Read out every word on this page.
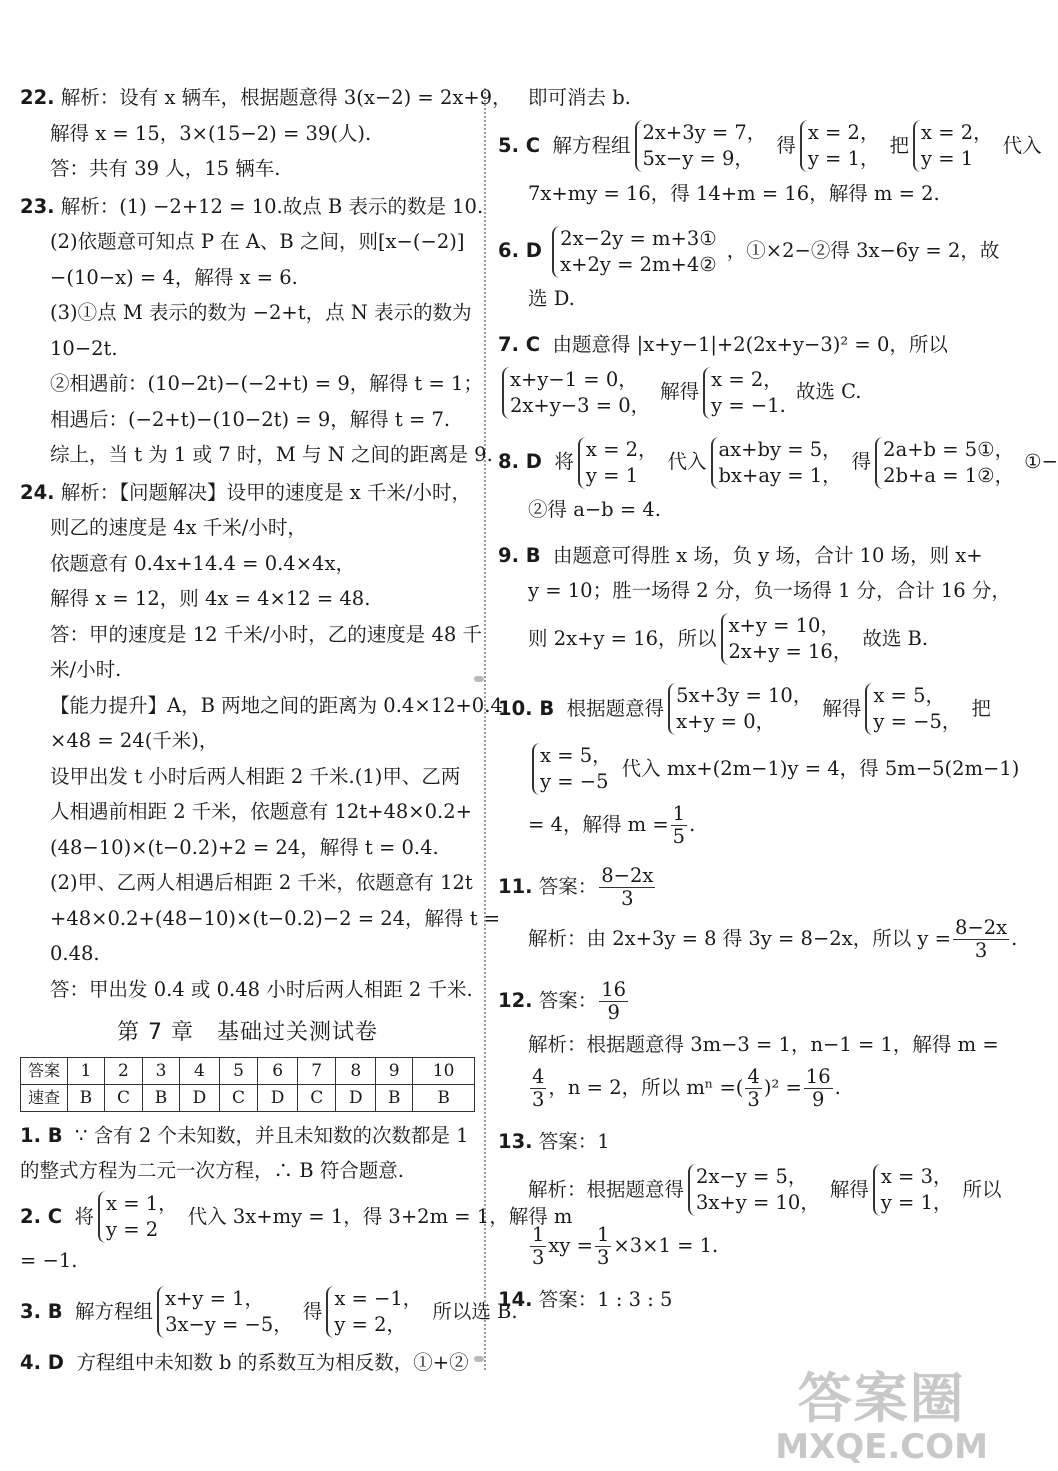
22. 解析：设有 x 辆车，根据题意得 3(x−2) = 2x+9，

解得 x = 15，3×(15−2) = 39(人).

答：共有 39 人，15 辆车.

23. 解析：(1) −2+12 = 10.故点 B 表示的数是 10.

(2)依题意可知点 P 在 A、B 之间，则[x−(−2)]

−(10−x) = 4，解得 x = 6.

(3)①点 M 表示的数为 −2+t，点 N 表示的数为

10−2t.

②相遇前：(10−2t)−(−2+t) = 9，解得 t = 1；

相遇后：(−2+t)−(10−2t) = 9，解得 t = 7.

综上，当 t 为 1 或 7 时，M 与 N 之间的距离是 9.

24. 解析：【问题解决】设甲的速度是 x 千米/小时，

则乙的速度是 4x 千米/小时，

依题意有 0.4x+14.4 = 0.4×4x，

解得 x = 12，则 4x = 4×12 = 48.

答：甲的速度是 12 千米/小时，乙的速度是 48 千

米/小时.

【能力提升】A，B 两地之间的距离为 0.4×12+0.4

×48 = 24(千米)，

设甲出发 t 小时后两人相距 2 千米.(1)甲、乙两

人相遇前相距 2 千米，依题意有 12t+48×0.2+

(48−10)×(t−0.2)+2 = 24，解得 t = 0.4.

(2)甲、乙两人相遇后相距 2 千米，依题意有 12t

+48×0.2+(48−10)×(t−0.2)−2 = 24，解得 t =

0.48.

答：甲出发 0.4 或 0.48 小时后两人相距 2 千米.

第 7 章　基础过关测试卷
答案	1	2	3	4	5	6	7	8	9	10
速查	B	C	B	D	C	D	C	D	B	B

1. B ∵ 含有 2 个未知数，并且未知数的次数都是 1

的整式方程为二元一次方程，∴ B 符合题意.

2. C 将
x = 1，
y = 2
代入 3x+my = 1，得 3+2m = 1，解得 m

= −1.

3. B 解方程组
x+y = 1，
3x−y = −5，
得
x = −1，
y = 2，
所以选 B.

4. D 方程组中未知数 b 的系数互为相反数，①+②

即可消去 b.

5. C 解方程组
2x+3y = 7，
5x−y = 9，
得
x = 2，
y = 1，
把
x = 2，
y = 1
代入

7x+my = 16，得 14+m = 16，解得 m = 2.

6. D
2x−2y = m+3①
x+2y = 2m+4②
，①×2−②得 3x−6y = 2，故

选 D.

7. C 由题意得 |x+y−1|+2(2x+y−3)² = 0，所以

x+y−1 = 0，
2x+y−3 = 0，
解得
x = 2，
y = −1.
故选 C.

8. D 将
x = 2，
y = 1
代入
ax+by = 5，
bx+ay = 1，
得
2a+b = 5①，
2b+a = 1②，
①−

②得 a−b = 4.

9. B 由题意可得胜 x 场，负 y 场，合计 10 场，则 x+

y = 10；胜一场得 2 分，负一场得 1 分，合计 16 分，

则 2x+y = 16，所以
x+y = 10，
2x+y = 16，
故选 B.

10. B 根据题意得
5x+3y = 10，
x+y = 0，
解得
x = 5，
y = −5，
把

x = 5，
y = −5
代入 mx+(2m−1)y = 4，得 5m−5(2m−1)

= 4，解得 $m = \frac{1}{5}$ .

11. 答案： $\frac{8-2x}{3}$

解析：由 2x+3y = 8 得 3y = 8−2x，所以 $y = \frac{8-2x}{3}$ .

12. 答案： $\frac{16}{9}$

解析：根据题意得 3m−3 = 1，n−1 = 1，解得 m =

$\frac{4}{3}$ ，n = 2，所以 mⁿ =( $\frac{4}{3} )^2 = \frac{16}{9}$ .

13. 答案：1

解析：根据题意得
2x−y = 5，
3x+y = 10，
解得
x = 3，
y = 1，
所以

$\frac{1}{3}$ xy = $\frac{1}{3} \times 3\times 1 = 1$.

14. 答案：1 : 3 : 5

答案圈
MXQE.COM
